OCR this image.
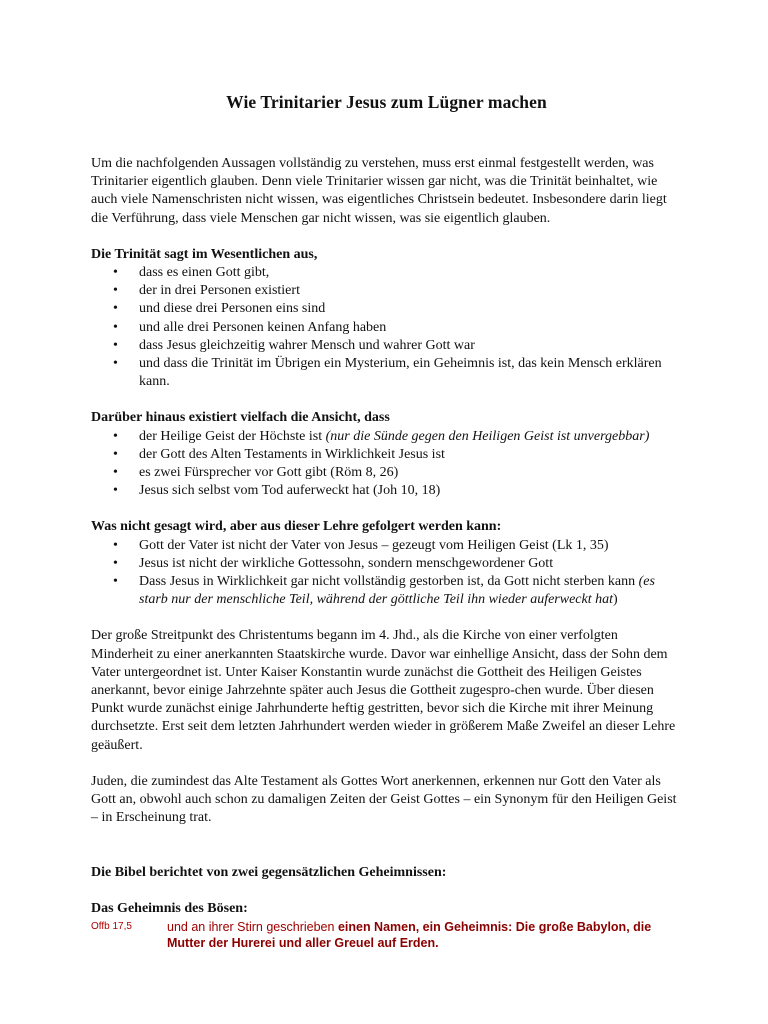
Wie Trinitarier Jesus zum Lügner machen

Um die nachfolgenden Aussagen vollständig zu verstehen, muss erst einmal festgestellt werden, was Trinitarier eigentlich glauben. Denn viele Trinitarier wissen gar nicht, was die Trinität beinhaltet, wie auch viele Namenschristen nicht wissen, was eigentliches Christsein bedeutet. Insbesondere darin liegt die Verführung, dass viele Menschen gar nicht wissen, was sie eigentlich glauben.

Die Trinität sagt im Wesentlichen aus,
• dass es einen Gott gibt,
• der in drei Personen existiert
• und diese drei Personen eins sind
• und alle drei Personen keinen Anfang haben
• dass Jesus gleichzeitig wahrer Mensch und wahrer Gott war
• und dass die Trinität im Übrigen ein Mysterium, ein Geheimnis ist, das kein Mensch erklären kann.
Darüber hinaus existiert vielfach die Ansicht, dass
• der Heilige Geist der Höchste ist (nur die Sünde gegen den Heiligen Geist ist unvergebbar)
• der Gott des Alten Testaments in Wirklichkeit Jesus ist
• es zwei Fürsprecher vor Gott gibt (Röm 8, 26)
• Jesus sich selbst vom Tod auferweckt hat (Joh 10, 18)
Was nicht gesagt wird, aber aus dieser Lehre gefolgert werden kann:
• Gott der Vater ist nicht der Vater von Jesus – gezeugt vom Heiligen Geist (Lk 1, 35)
• Jesus ist nicht der wirkliche Gottessohn, sondern menschgewordener Gott
• Dass Jesus in Wirklichkeit gar nicht vollständig gestorben ist, da Gott nicht sterben kann (es starb nur der menschliche Teil, während der göttliche Teil ihn wieder auferweckt hat)

Der große Streitpunkt des Christentums begann im 4. Jhd., als die Kirche von einer verfolgten Minderheit zu einer anerkannten Staatskirche wurde. Davor war einhellige Ansicht, dass der Sohn dem Vater untergeordnet ist. Unter Kaiser Konstantin wurde zunächst die Gottheit des Heiligen Geistes anerkannt, bevor einige Jahrzehnte später auch Jesus die Gottheit zugespro-chen wurde. Über diesen Punkt wurde zunächst einige Jahrhunderte heftig gestritten, bevor sich die Kirche mit ihrer Meinung durchsetzte. Erst seit dem letzten Jahrhundert werden wieder in größerem Maße Zweifel an dieser Lehre geäußert.

Juden, die zumindest das Alte Testament als Gottes Wort anerkennen, erkennen nur Gott den Vater als Gott an, obwohl auch schon zu damaligen Zeiten der Geist Gottes – ein Synonym für den Heiligen Geist – in Erscheinung trat.

Die Bibel berichtet von zwei gegensätzlichen Geheimnissen:
Das Geheimnis des Bösen:
Offb 17,5	und an ihrer Stirn geschrieben einen Namen, ein Geheimnis: Die große Babylon, die Mutter der Hurerei und aller Greuel auf Erden.
